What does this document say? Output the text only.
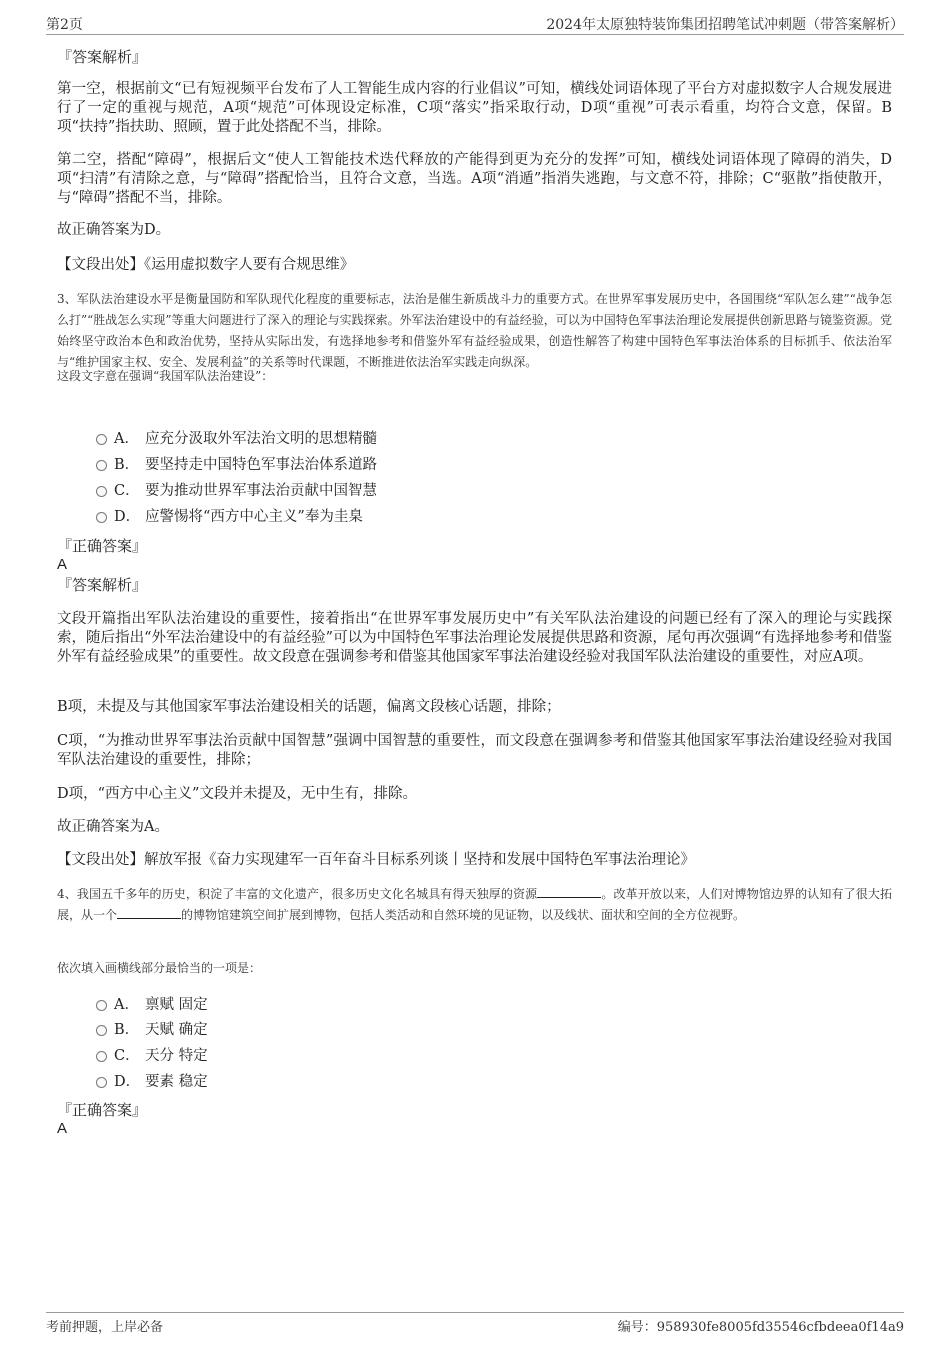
第2页	2024年太原独特装饰集团招聘笔试冲刺题（带答案解析）

『答案解析』

第一空，根据前文“已有短视频平台发布了人工智能生成内容的行业倡议”可知，横线处词语体现了平台方对虚拟数字人合规发展进行了一定的重视与规范，A项“规范”可体现设定标准，C项“落实”指采取行动，D项“重视”可表示看重，均符合文意，保留。B项“扶持”指扶助、照顾，置于此处搭配不当，排除。

第二空，搭配“障碍”，根据后文“使人工智能技术迭代释放的产能得到更为充分的发挥”可知，横线处词语体现了障碍的消失，D项“扫清”有清除之意，与“障碍”搭配恰当，且符合文意，当选。A项“消遁”指消失逃跑，与文意不符，排除；C“驱散”指使散开，与“障碍”搭配不当，排除。

故正确答案为D。

【文段出处】《运用虚拟数字人要有合规思维》

3、军队法治建设水平是衡量国防和军队现代化程度的重要标志，法治是催生新质战斗力的重要方式。在世界军事发展历史中，各国围绕“军队怎么建”“战争怎么打”“胜战怎么实现”等重大问题进行了深入的理论与实践探索。外军法治建设中的有益经验，可以为中国特色军事法治理论发展提供创新思路与镜鉴资源。党始终坚守政治本色和政治优势，坚持从实际出发，有选择地参考和借鉴外军有益经验成果，创造性解答了构建中国特色军事法治体系的目标抓手、依法治军与“维护国家主权、安全、发展利益”的关系等时代课题，不断推进依法治军实践走向纵深。

这段文字意在强调“我国军队法治建设”：

A． 应充分汲取外军法治文明的思想精髓
B． 要坚持走中国特色军事法治体系道路
C． 要为推动世界军事法治贡献中国智慧
D． 应警惕将“西方中心主义”奉为圭臬

『正确答案』

A

『答案解析』

文段开篇指出军队法治建设的重要性，接着指出“在世界军事发展历史中”有关军队法治建设的问题已经有了深入的理论与实践探索，随后指出“外军法治建设中的有益经验”可以为中国特色军事法治理论发展提供思路和资源，尾句再次强调“有选择地参考和借鉴外军有益经验成果”的重要性。故文段意在强调参考和借鉴其他国家军事法治建设经验对我国军队法治建设的重要性，对应A项。

B项，未提及与其他国家军事法治建设相关的话题，偏离文段核心话题，排除；

C项，“为推动世界军事法治贡献中国智慧”强调中国智慧的重要性，而文段意在强调参考和借鉴其他国家军事法治建设经验对我国军队法治建设的重要性，排除；

D项，“西方中心主义”文段并未提及，无中生有，排除。

故正确答案为A。

【文段出处】解放军报《奋力实现建军一百年奋斗目标系列谈丨坚持和发展中国特色军事法治理论》

4、我国五千多年的历史，积淀了丰富的文化遗产，很多历史文化名城具有得天独厚的资源	。改革开放以来，人们对博物馆边界的认知有了很大拓展，从一个	的博物馆建筑空间扩展到博物，包括人类活动和自然环境的见证物，以及线状、面状和空间的全方位视野。

依次填入画横线部分最恰当的一项是：

A． 禀赋 固定
B． 天赋 确定
C． 天分 特定
D． 要素 稳定

『正确答案』

A

考前押题，上岸必备	编号：958930fe8005fd35546cfbdeea0f14a9
